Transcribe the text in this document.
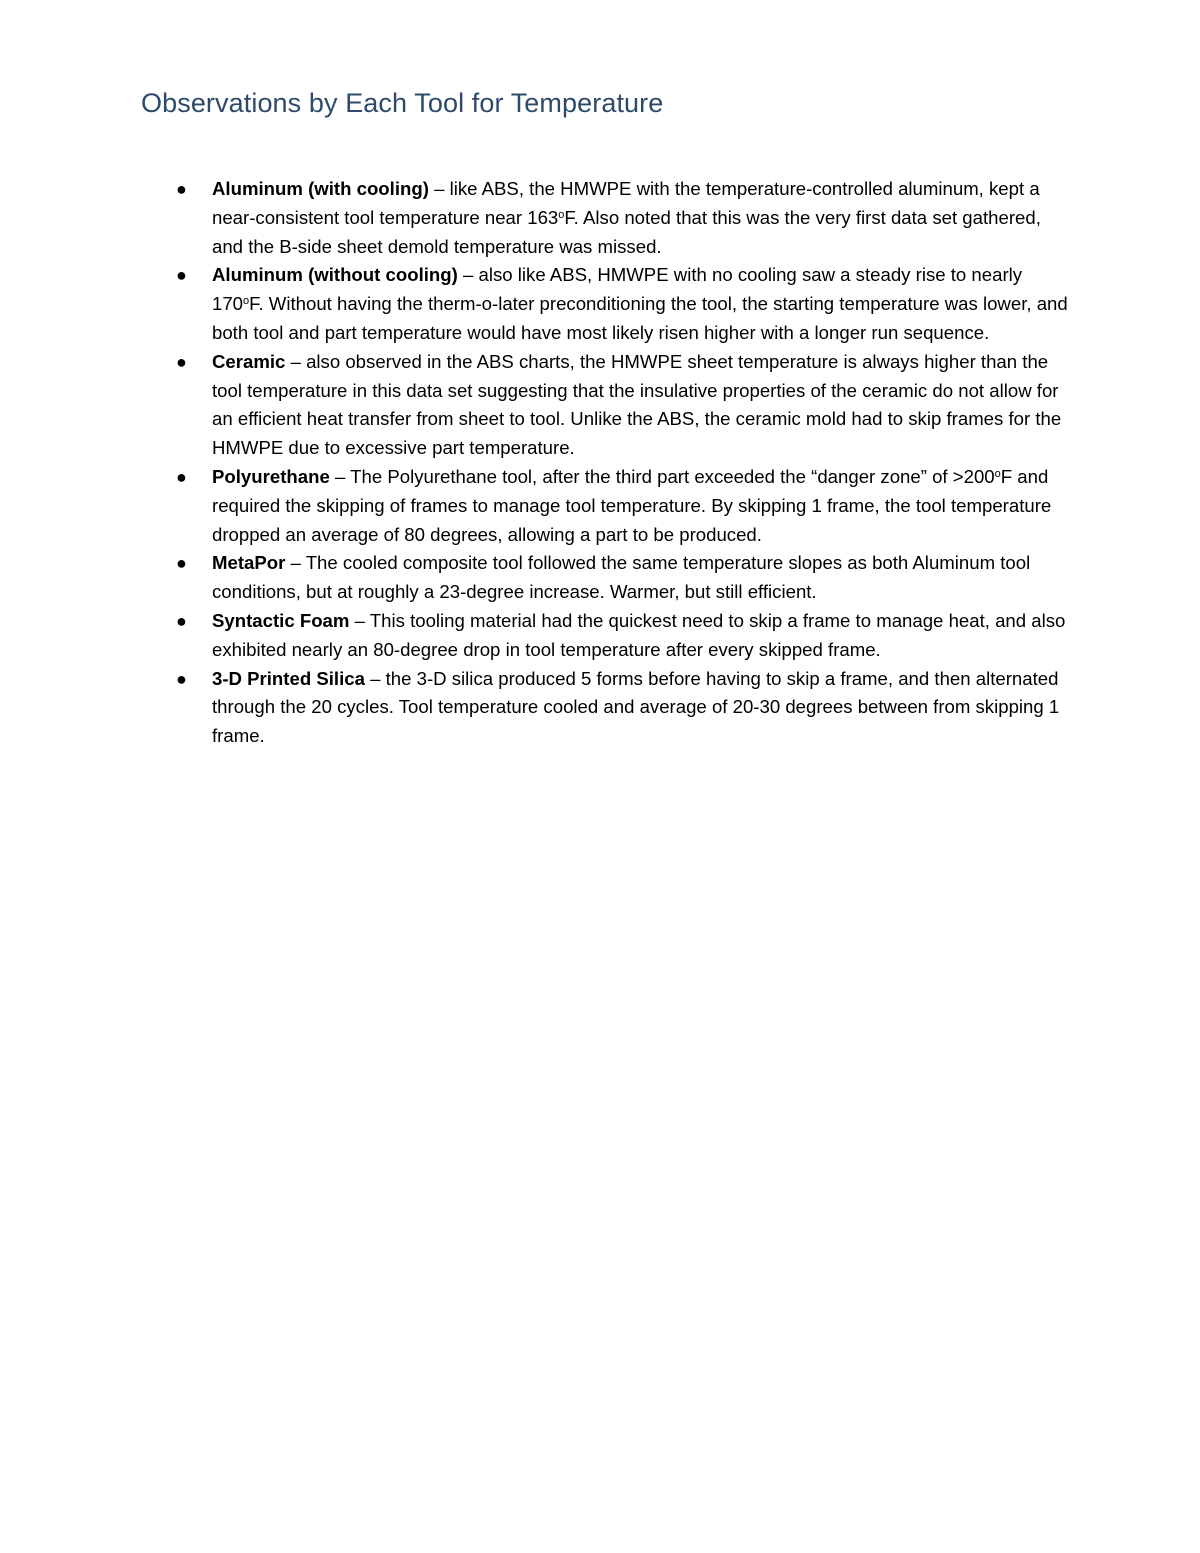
Observations by Each Tool for Temperature
● Aluminum (with cooling) – like ABS, the HMWPE with the temperature-controlled aluminum, kept a near-consistent tool temperature near 163$^o$F. Also noted that this was the very first data set gathered, and the B-side sheet demold temperature was missed.
● Aluminum (without cooling) – also like ABS, HMWPE with no cooling saw a steady rise to nearly 170$^o$F. Without having the therm-o-later preconditioning the tool, the starting temperature was lower, and both tool and part temperature would have most likely risen higher with a longer run sequence.
● Ceramic – also observed in the ABS charts, the HMWPE sheet temperature is always higher than the tool temperature in this data set suggesting that the insulative properties of the ceramic do not allow for an efficient heat transfer from sheet to tool. Unlike the ABS, the ceramic mold had to skip frames for the HMWPE due to excessive part temperature.
● Polyurethane – The Polyurethane tool, after the third part exceeded the “danger zone” of $>200^oF$ and required the skipping of frames to manage tool temperature. By skipping 1 frame, the tool temperature dropped an average of 80 degrees, allowing a part to be produced.
● MetaPor – The cooled composite tool followed the same temperature slopes as both Aluminum tool conditions, but at roughly a 23-degree increase. Warmer, but still efficient.
● Syntactic Foam – This tooling material had the quickest need to skip a frame to manage heat, and also exhibited nearly an 80-degree drop in tool temperature after every skipped frame.
● 3-D Printed Silica – the 3-D silica produced 5 forms before having to skip a frame, and then alternated through the 20 cycles. Tool temperature cooled and average of 20-30 degrees between from skipping 1 frame.
